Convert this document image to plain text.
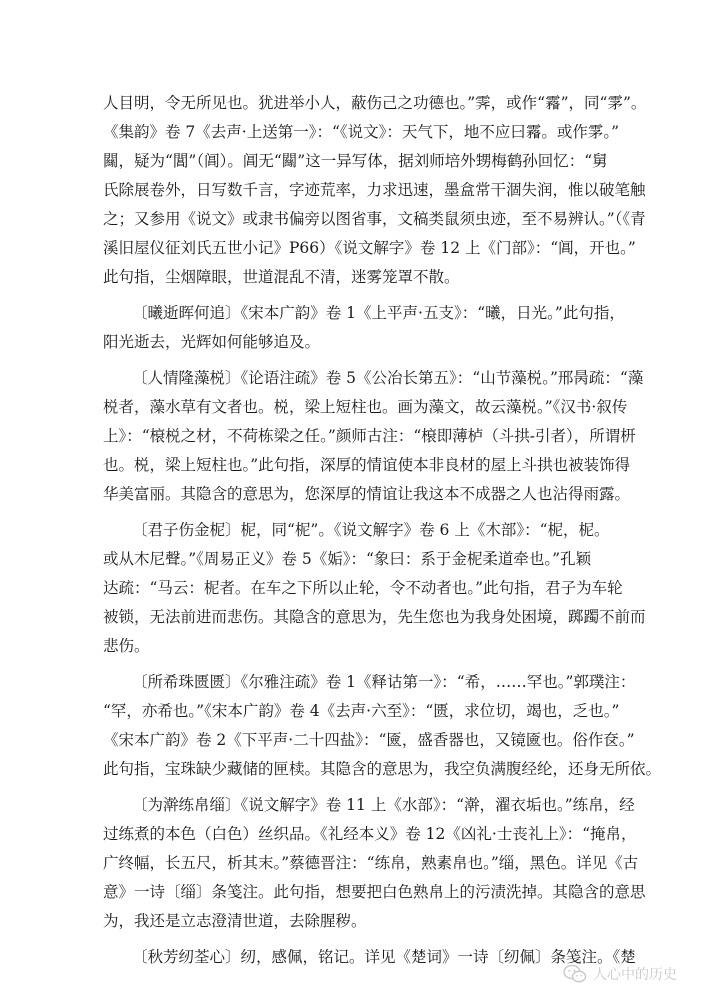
人目明，令无所见也。犹进举小人，蔽伤己之功德也。”霁，或作“霿”，同“雺”。
《集韵》卷 7《去声·上送第一》：“《说文》：天气下，地不应曰霿。或作雺。”
𨶹，疑为“閶”（阊）。阊无“𨶹”这一异写体，据刘师培外甥梅鹤孙回忆：“舅
氏除展卷外，日写数千言，字迹荒率，力求迅速，墨盒常干涸失润，惟以破笔触
之；又参用《说文》或隶书偏旁以图省事，文稿类鼠须虫迹，至不易辨认。”（《青
溪旧屋仪征刘氏五世小记》P66）《说文解字》卷 12 上《门部》：“阊，开也。”
此句指，尘烟障眼，世道混乱不清，迷雾笼罩不散。
〔曦逝晖何追〕《宋本广韵》卷 1《上平声·五支》：“曦，日光。”此句指，
阳光逝去，光辉如何能够追及。
〔人情隆藻棁〕《论语注疏》卷 5《公冶长第五》：“山节藻棁。”邢昺疏：“藻
棁者，藻水草有文者也。棁，梁上短柱也。画为藻文，故云藻棁。”《汉书·叙传
上》：“榱棁之材，不荷栋梁之任。”颜师古注：“榱即薄栌（斗拱-引者），所谓枅
也。棁，梁上短柱也。”此句指，深厚的情谊使本非良材的屋上斗拱也被装饰得
华美富丽。其隐含的意思为，您深厚的情谊让我这本不成器之人也沾得雨露。
〔君子伤金柅〕柅，同“柅”。《说文解字》卷 6 上《木部》：“柅，柅。
或从木尼聲。”《周易正义》卷 5《姤》：“象曰：系于金柅柔道牵也。”孔颖
达疏：“马云：柅者。在车之下所以止轮，令不动者也。”此句指，君子为车轮
被锁，无法前进而悲伤。其隐含的意思为，先生您也为我身处困境，踯躅不前而
悲伤。
〔所希珠匮匮〕《尔雅注疏》卷 1《释诂第一》：“希，……罕也。”郭璞注：
“罕，亦希也。”《宋本广韵》卷 4《去声·六至》：“匮，求位切，竭也，乏也。”
《宋本广韵》卷 2《下平声·二十四盐》：“匳，盛香器也，又镜匳也。俗作奁。”
此句指，宝珠缺少藏储的匣椟。其隐含的意思为，我空负满腹经纶，还身无所依。
〔为澣练帛缁〕《说文解字》卷 11 上《水部》：“澣，濯衣垢也。”练帛，经
过练煮的本色（白色）丝织品。《礼经本义》卷 12《凶礼·士丧礼上》：“掩帛，
广终幅，长五尺，析其末。”蔡德晋注：“练帛，熟素帛也。”缁，黑色。详见《古
意》一诗〔缁〕条笺注。此句指，想要把白色熟帛上的污渍洗掉。其隐含的意思
为，我还是立志澄清世道，去除腥秽。
〔秋芳纫荃心〕纫，感佩，铭记。详见《楚词》一诗〔纫佩〕条笺注。《楚
人心中的历史
